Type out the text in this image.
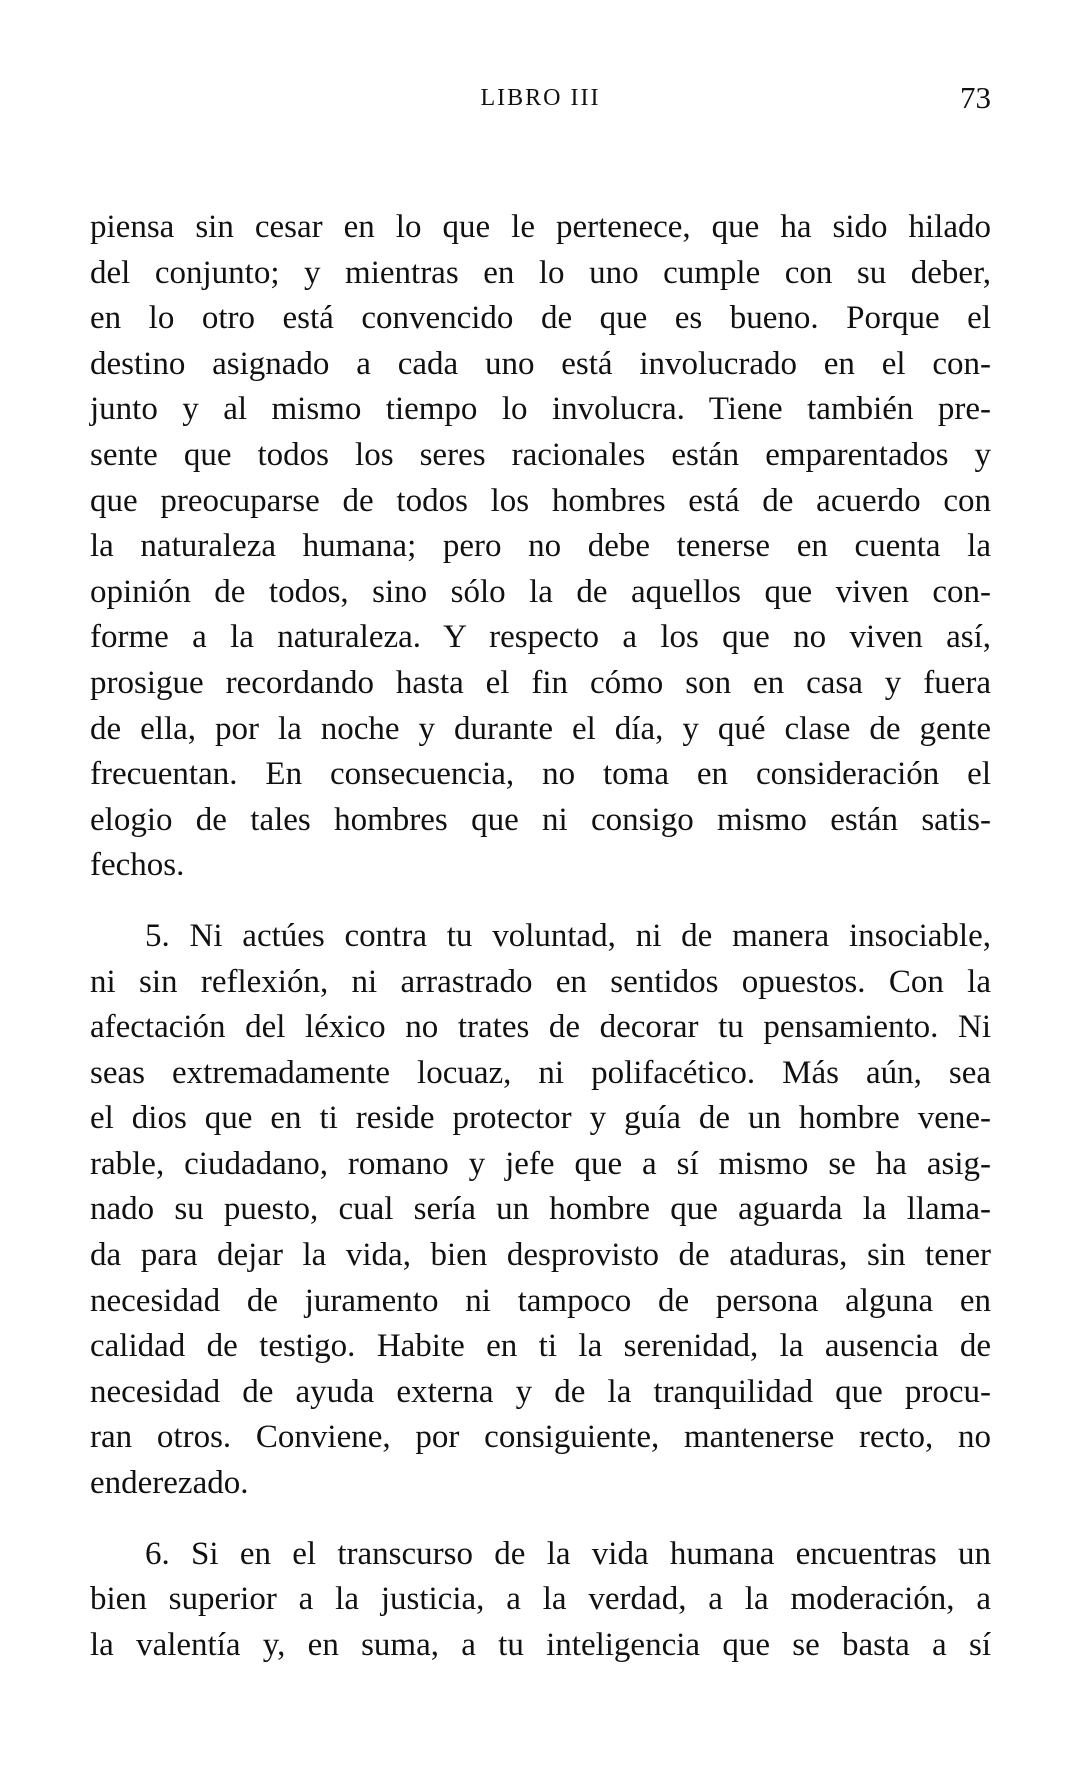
LIBRO III	73
piensa sin cesar en lo que le pertenece, que ha sido hilado
del conjunto; y mientras en lo uno cumple con su deber,
en lo otro está convencido de que es bueno. Porque el
destino asignado a cada uno está involucrado en el con-
junto y al mismo tiempo lo involucra. Tiene también pre-
sente que todos los seres racionales están emparentados y
que preocuparse de todos los hombres está de acuerdo con
la naturaleza humana; pero no debe tenerse en cuenta la
opinión de todos, sino sólo la de aquellos que viven con-
forme a la naturaleza. Y respecto a los que no viven así,
prosigue recordando hasta el fin cómo son en casa y fuera
de ella, por la noche y durante el día, y qué clase de gente
frecuentan. En consecuencia, no toma en consideración el
elogio de tales hombres que ni consigo mismo están satis-
fechos.
5. Ni actúes contra tu voluntad, ni de manera insociable,
ni sin reflexión, ni arrastrado en sentidos opuestos. Con la
afectación del léxico no trates de decorar tu pensamiento. Ni
seas extremadamente locuaz, ni polifacético. Más aún, sea
el dios que en ti reside protector y guía de un hombre vene-
rable, ciudadano, romano y jefe que a sí mismo se ha asig-
nado su puesto, cual sería un hombre que aguarda la llama-
da para dejar la vida, bien desprovisto de ataduras, sin tener
necesidad de juramento ni tampoco de persona alguna en
calidad de testigo. Habite en ti la serenidad, la ausencia de
necesidad de ayuda externa y de la tranquilidad que procu-
ran otros. Conviene, por consiguiente, mantenerse recto, no
enderezado.
6. Si en el transcurso de la vida humana encuentras un
bien superior a la justicia, a la verdad, a la moderación, a
la valentía y, en suma, a tu inteligencia que se basta a sí
